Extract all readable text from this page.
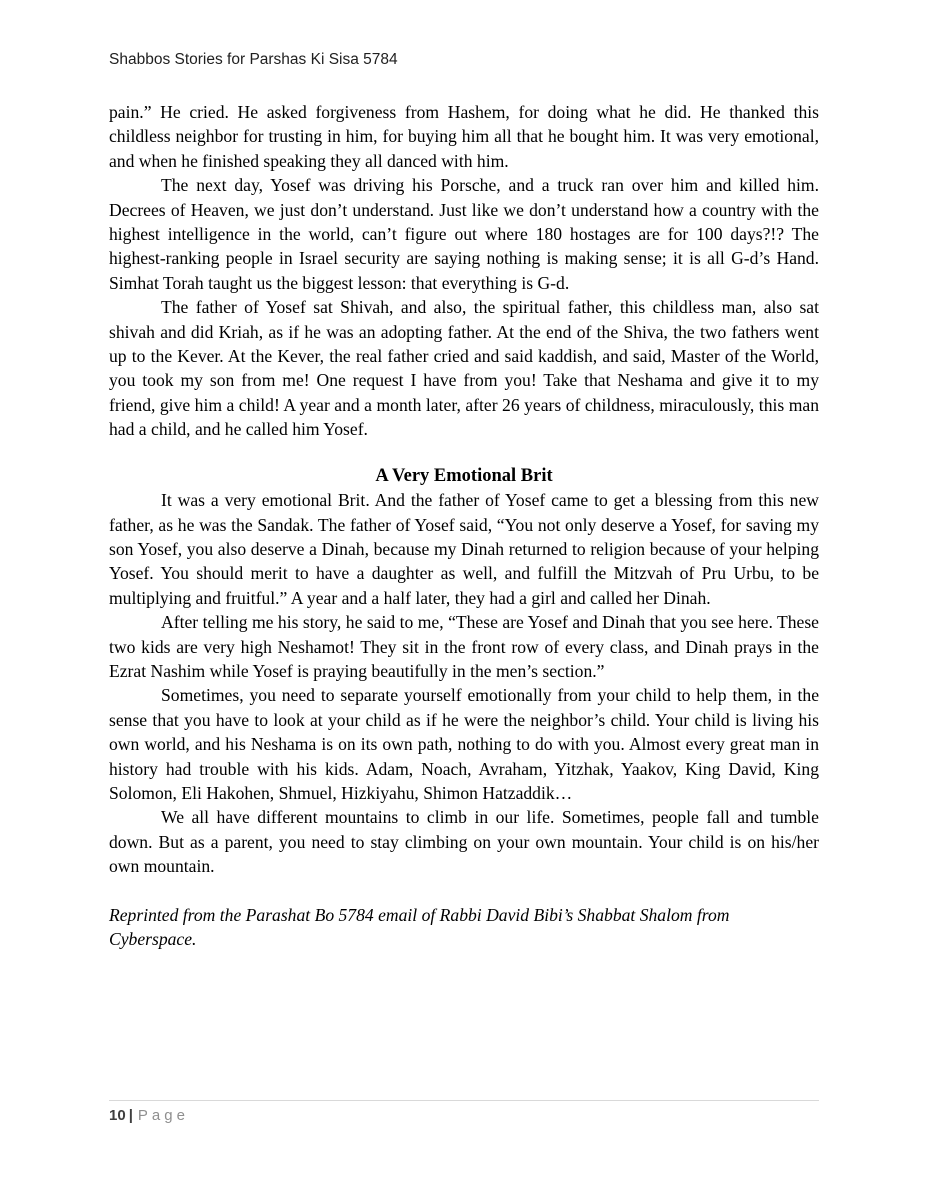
Shabbos Stories for Parshas Ki Sisa 5784

pain.” He cried. He asked forgiveness from Hashem, for doing what he did. He thanked this childless neighbor for trusting in him, for buying him all that he bought him. It was very emotional, and when he finished speaking they all danced with him.

The next day, Yosef was driving his Porsche, and a truck ran over him and killed him. Decrees of Heaven, we just don’t understand. Just like we don’t understand how a country with the highest intelligence in the world, can’t figure out where 180 hostages are for 100 days?!? The highest-ranking people in Israel security are saying nothing is making sense; it is all G-d’s Hand. Simhat Torah taught us the biggest lesson: that everything is G-d.

The father of Yosef sat Shivah, and also, the spiritual father, this childless man, also sat shivah and did Kriah, as if he was an adopting father. At the end of the Shiva, the two fathers went up to the Kever. At the Kever, the real father cried and said kaddish, and said, Master of the World, you took my son from me! One request I have from you! Take that Neshama and give it to my friend, give him a child! A year and a month later, after 26 years of childness, miraculously, this man had a child, and he called him Yosef.

A Very Emotional Brit

It was a very emotional Brit. And the father of Yosef came to get a blessing from this new father, as he was the Sandak. The father of Yosef said, “You not only deserve a Yosef, for saving my son Yosef, you also deserve a Dinah, because my Dinah returned to religion because of your helping Yosef. You should merit to have a daughter as well, and fulfill the Mitzvah of Pru Urbu, to be multiplying and fruitful.” A year and a half later, they had a girl and called her Dinah.

After telling me his story, he said to me, “These are Yosef and Dinah that you see here. These two kids are very high Neshamot! They sit in the front row of every class, and Dinah prays in the Ezrat Nashim while Yosef is praying beautifully in the men’s section.”

Sometimes, you need to separate yourself emotionally from your child to help them, in the sense that you have to look at your child as if he were the neighbor’s child. Your child is living his own world, and his Neshama is on its own path, nothing to do with you. Almost every great man in history had trouble with his kids. Adam, Noach, Avraham, Yitzhak, Yaakov, King David, King Solomon, Eli Hakohen, Shmuel, Hizkiyahu, Shimon Hatzaddik…

We all have different mountains to climb in our life. Sometimes, people fall and tumble down. But as a parent, you need to stay climbing on your own mountain. Your child is on his/her own mountain.

Reprinted from the Parashat Bo 5784 email of Rabbi David Bibi’s Shabbat Shalom from Cyberspace.

10 | Page
